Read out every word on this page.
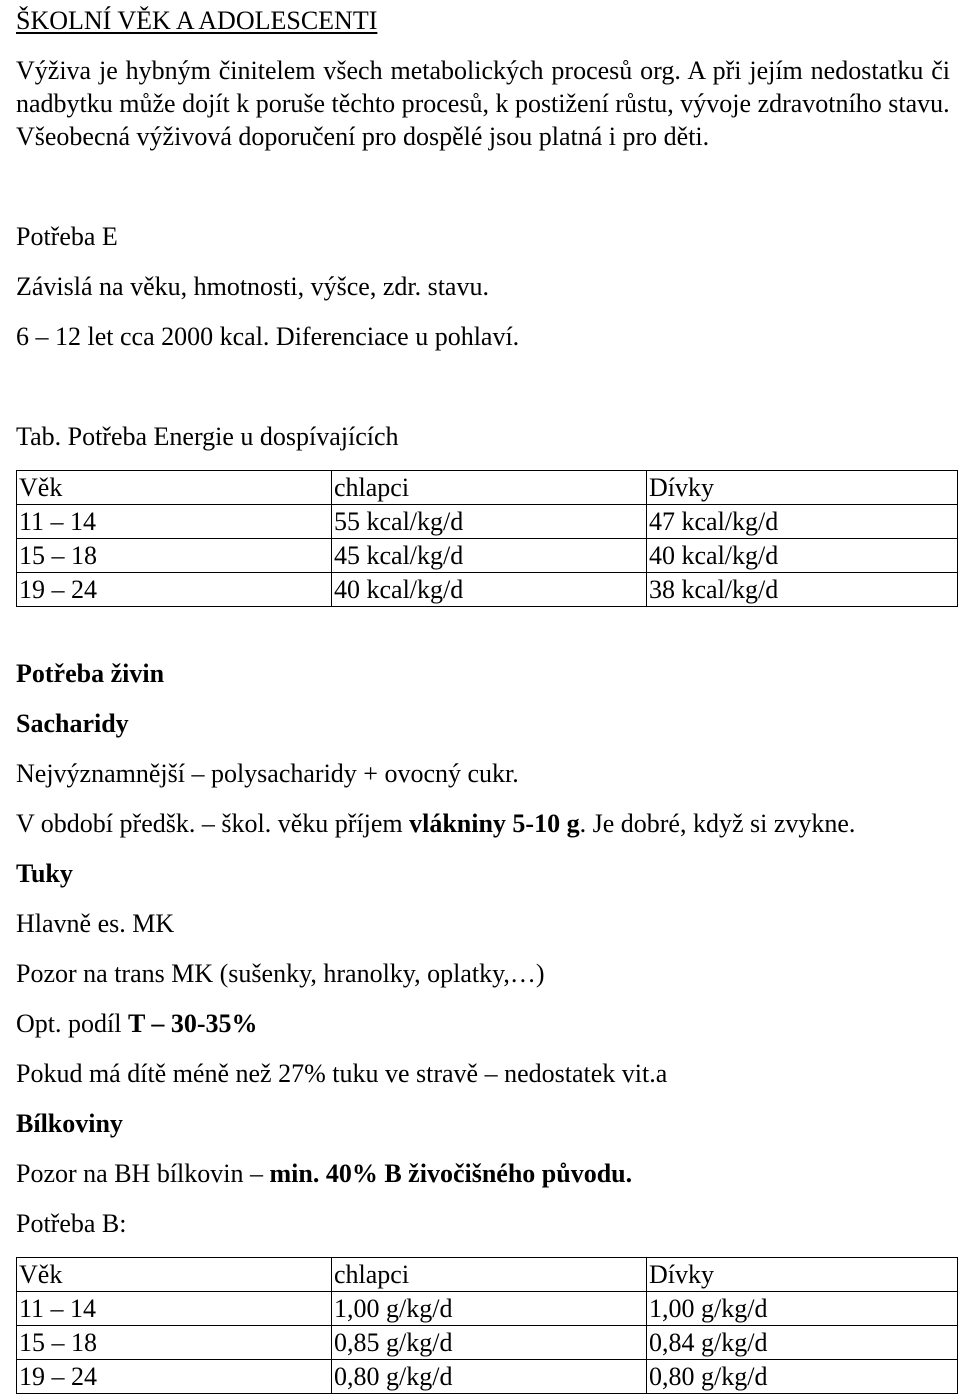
ŠKOLNÍ VĚK A ADOLESCENTI

Výživa je hybným činitelem všech metabolických procesů org. A při jejím nedostatku či nadbytku může dojít k poruše těchto procesů, k postižení růstu, vývoje zdravotního stavu.

Všeobecná výživová doporučení pro dospělé jsou platná i pro děti.

Potřeba E
Závislá na věku, hmotnosti, výšce, zdr. stavu.
6 – 12 let cca 2000 kcal. Diferenciace u pohlaví.
Tab. Potřeba Energie u dospívajících
Věk	chlapci	Dívky
11 – 14	55 kcal/kg/d	47 kcal/kg/d
15 – 18	45 kcal/kg/d	40 kcal/kg/d
19 – 24	40 kcal/kg/d	38 kcal/kg/d
Potřeba živin
Sacharidy
Nejvýznamnější – polysacharidy + ovocný cukr.
V období předšk. – škol. věku příjem vlákniny 5-10 g. Je dobré, když si zvykne.
Tuky
Hlavně es. MK
Pozor na trans MK (sušenky, hranolky, oplatky,…)
Opt. podíl T – 30-35%
Pokud má dítě méně než 27% tuku ve stravě – nedostatek vit.a
Bílkoviny
Pozor na BH bílkovin – min. 40% B živočišného původu.
Potřeba B:
Věk	chlapci	Dívky
11 – 14	1,00 g/kg/d	1,00 g/kg/d
15 – 18	0,85 g/kg/d	0,84 g/kg/d
19 – 24	0,80 g/kg/d	0,80 g/kg/d
